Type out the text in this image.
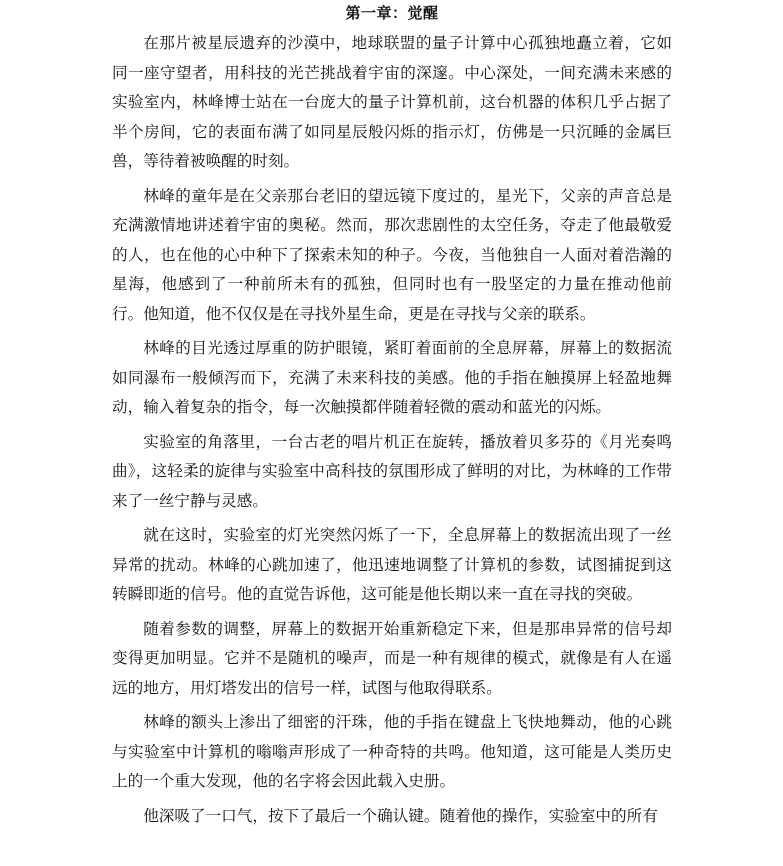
第一章：觉醒

在那片被星辰遗弃的沙漠中，地球联盟的量子计算中心孤独地矗立着，它如同一座守望者，用科技的光芒挑战着宇宙的深邃。中心深处，一间充满未来感的实验室内，林峰博士站在一台庞大的量子计算机前，这台机器的体积几乎占据了半个房间，它的表面布满了如同星辰般闪烁的指示灯，仿佛是一只沉睡的金属巨兽，等待着被唤醒的时刻。

林峰的童年是在父亲那台老旧的望远镜下度过的，星光下，父亲的声音总是充满激情地讲述着宇宙的奥秘。然而，那次悲剧性的太空任务，夺走了他最敬爱的人，也在他的心中种下了探索未知的种子。今夜，当他独自一人面对着浩瀚的星海，他感到了一种前所未有的孤独，但同时也有一股坚定的力量在推动他前行。他知道，他不仅仅是在寻找外星生命，更是在寻找与父亲的联系。

林峰的目光透过厚重的防护眼镜，紧盯着面前的全息屏幕，屏幕上的数据流如同瀑布一般倾泻而下，充满了未来科技的美感。他的手指在触摸屏上轻盈地舞动，输入着复杂的指令，每一次触摸都伴随着轻微的震动和蓝光的闪烁。

实验室的角落里，一台古老的唱片机正在旋转，播放着贝多芬的《月光奏鸣曲》，这轻柔的旋律与实验室中高科技的氛围形成了鲜明的对比，为林峰的工作带来了一丝宁静与灵感。

就在这时，实验室的灯光突然闪烁了一下，全息屏幕上的数据流出现了一丝异常的扰动。林峰的心跳加速了，他迅速地调整了计算机的参数，试图捕捉到这转瞬即逝的信号。他的直觉告诉他，这可能是他长期以来一直在寻找的突破。

随着参数的调整，屏幕上的数据开始重新稳定下来，但是那串异常的信号却变得更加明显。它并不是随机的噪声，而是一种有规律的模式，就像是有人在遥远的地方，用灯塔发出的信号一样，试图与他取得联系。

林峰的额头上渗出了细密的汗珠，他的手指在键盘上飞快地舞动，他的心跳与实验室中计算机的嗡嗡声形成了一种奇特的共鸣。他知道，这可能是人类历史上的一个重大发现，他的名字将会因此载入史册。

他深吸了一口气，按下了最后一个确认键。随着他的操作，实验室中的所有
